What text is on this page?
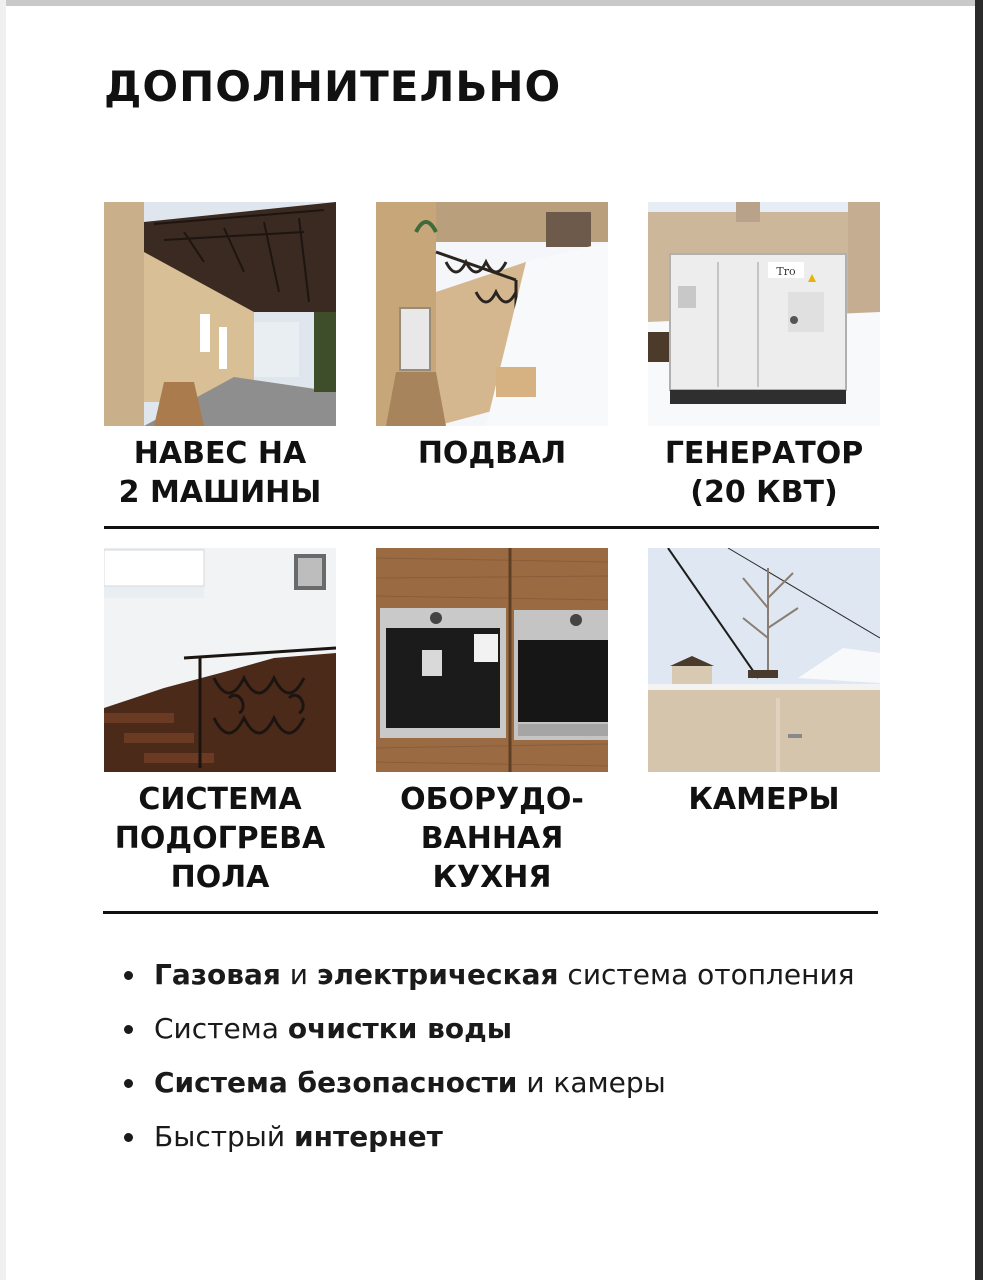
ДОПОЛНИТЕЛЬНО
НАВЕС НА
2 МАШИНЫ
ПОДВАЛ
Tro
ГЕНЕРАТОР
(20 КВТ)
СИСТЕМА
ПОДОГРЕВА
ПОЛА
ОБОРУДО-
ВАННАЯ
КУХНЯ
КАМЕРЫ
Газовая и электрическая система отопления
Система очистки воды
Система безопасности и камеры
Быстрый интернет
